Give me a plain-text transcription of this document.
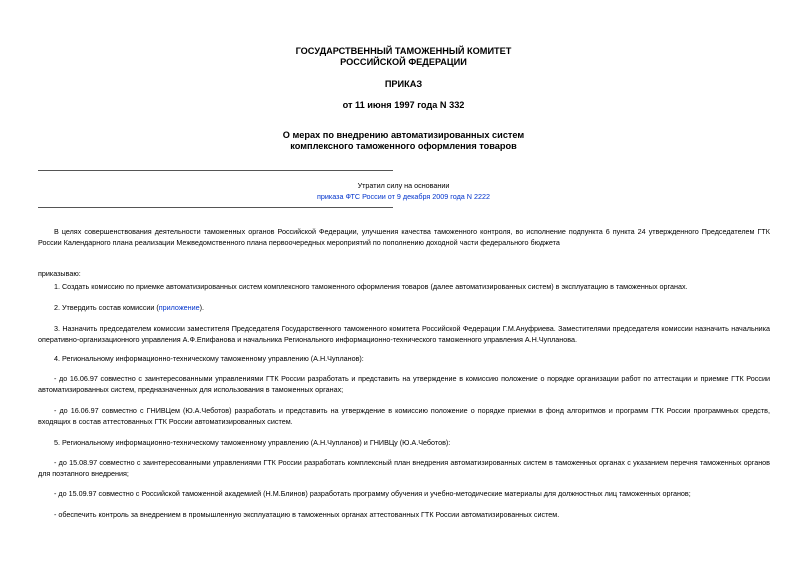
ГОСУДАРСТВЕННЫЙ ТАМОЖЕННЫЙ КОМИТЕТ
РОССИЙСКОЙ ФЕДЕРАЦИИ
ПРИКАЗ
от 11 июня 1997 года N 332
О мерах по внедрению автоматизированных систем
комплексного таможенного оформления товаров
Утратил силу на основании
приказа ФТС России от 9 декабря 2009 года N 2222
В целях совершенствования деятельности таможенных органов Российской Федерации, улучшения качества таможенного контроля, во исполнение подпункта 6 пункта 24 утвержденного Председателем ГТК России Календарного плана реализации Межведомственного плана первоочередных мероприятий по пополнению доходной части федерального бюджета
приказываю:
1. Создать комиссию по приемке автоматизированных систем комплексного таможенного оформления товаров (далее автоматизированных систем) в эксплуатацию в таможенных органах.
2. Утвердить состав комиссии (приложение).
3. Назначить председателем комиссии заместителя Председателя Государственного таможенного комитета Российской Федерации Г.М.Ануфриева. Заместителями председателя комиссии назначить начальника оперативно-организационного управления А.Ф.Епифанова и начальника Регионального информационно-технического таможенного управления А.Н.Чупланова.
4. Региональному информационно-техническому таможенному управлению (А.Н.Чупланов):
- до 16.06.97 совместно с заинтересованными управлениями ГТК России разработать и представить на утверждение в комиссию положение о порядке организации работ по аттестации и приемке ГТК России автоматизированных систем, предназначенных для использования в таможенных органах;
- до 16.06.97 совместно с ГНИВЦем (Ю.А.Чеботов) разработать и представить на утверждение в комиссию положение о порядке приемки в фонд алгоритмов и программ ГТК России программных средств, входящих в состав аттестованных ГТК России автоматизированных систем.
5. Региональному информационно-техническому таможенному управлению (А.Н.Чупланов) и ГНИВЦу (Ю.А.Чеботов):
- до 15.08.97 совместно с заинтересованными управлениями ГТК России разработать комплексный план внедрения автоматизированных систем в таможенных органах с указанием перечня таможенных органов для поэтапного внедрения;
- до 15.09.97 совместно с Российской таможенной академией (Н.М.Блинов) разработать программу обучения и учебно-методические материалы для должностных лиц таможенных органов;
- обеспечить контроль за внедрением в промышленную эксплуатацию в таможенных органах аттестованных ГТК России автоматизированных систем.
